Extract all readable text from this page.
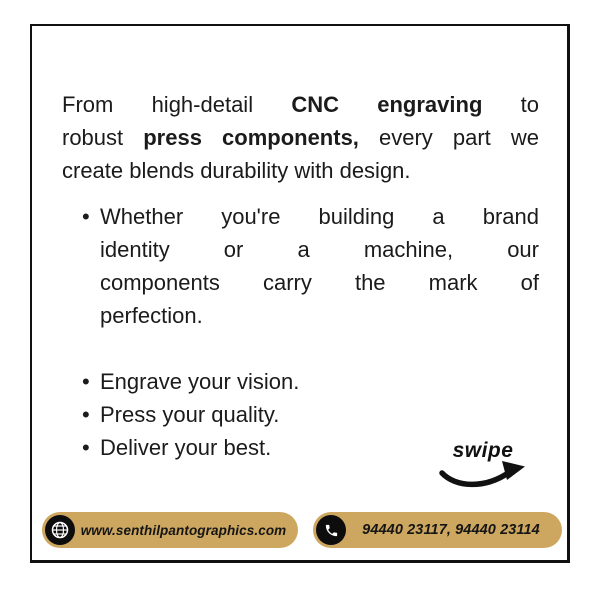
From high-detail CNC engraving to
robust press components, every part we
create blends durability with design.
• Whether you're building a brand
identity or a machine, our
components carry the mark of
perfection.
• Engrave your vision.
• Press your quality.
• Deliver your best.	swipe
www.senthilpantographics.com	94440 23117, 94440 23114
